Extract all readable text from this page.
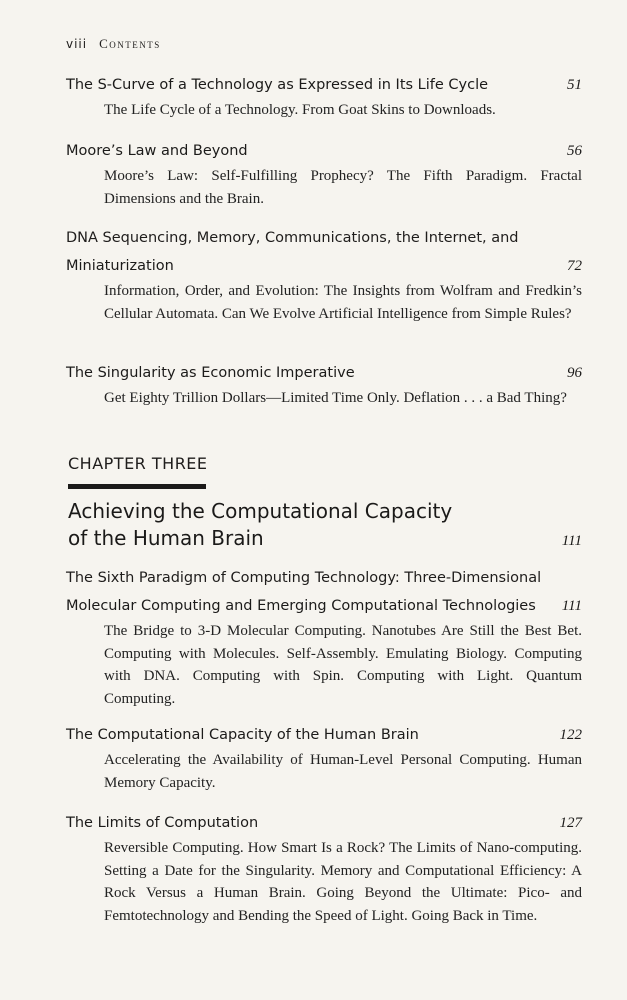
viii Contents
The S-Curve of a Technology as Expressed in Its Life Cycle	51
The Life Cycle of a Technology. From Goat Skins to Downloads.
Moore’s Law and Beyond	56
Moore’s Law: Self-Fulfilling Prophecy? The Fifth Paradigm. Fractal Dimensions and the Brain.
DNA Sequencing, Memory, Communications, the Internet, and
Miniaturization	72
Information, Order, and Evolution: The Insights from Wolfram and Fredkin’s Cellular Automata. Can We Evolve Artificial Intelligence from Simple Rules?
The Singularity as Economic Imperative	96
Get Eighty Trillion Dollars—Limited Time Only. Deflation . . . a Bad Thing?
CHAPTER THREE
Achieving the Computational Capacity
of the Human Brain	111
The Sixth Paradigm of Computing Technology: Three-Dimensional
Molecular Computing and Emerging Computational Technologies 111
The Bridge to 3-D Molecular Computing. Nanotubes Are Still the Best Bet. Computing with Molecules. Self-Assembly. Emulating Biology. Computing with DNA. Computing with Spin. Computing with Light. Quantum Computing.
The Computational Capacity of the Human Brain	122
Accelerating the Availability of Human-Level Personal Computing. Human Memory Capacity.
The Limits of Computation	127
Reversible Computing. How Smart Is a Rock? The Limits of Nano-computing. Setting a Date for the Singularity. Memory and Computational Efficiency: A Rock Versus a Human Brain. Going Beyond the Ultimate: Pico- and Femtotechnology and Bending the Speed of Light. Going Back in Time.
